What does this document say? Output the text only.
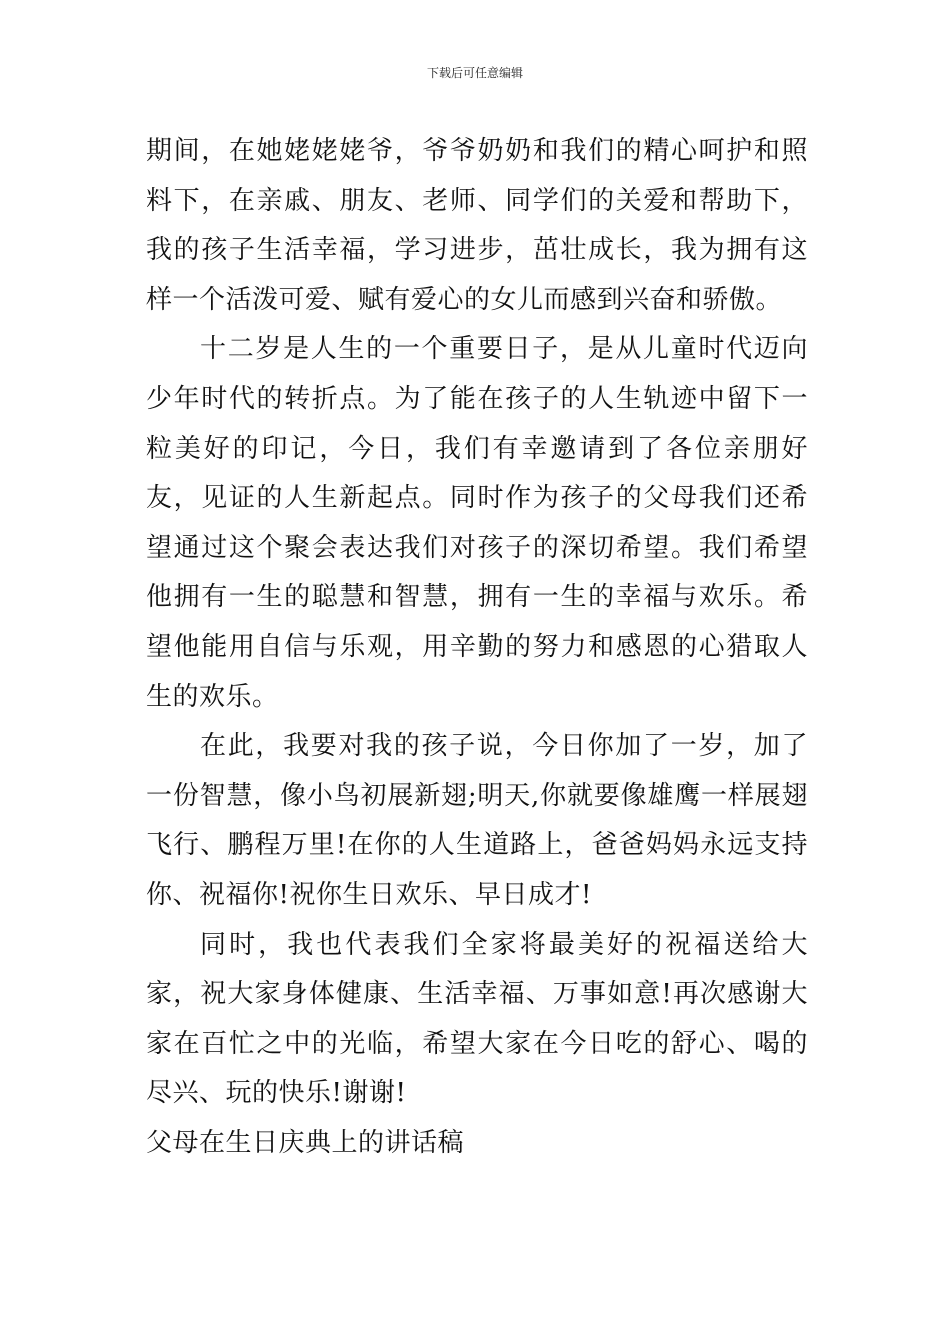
下载后可任意编辑

期间，在她姥姥姥爷，爷爷奶奶和我们的精心呵护和照料下，在亲戚、朋友、老师、同学们的关爱和帮助下，我的孩子生活幸福，学习进步，茁壮成长，我为拥有这样一个活泼可爱、赋有爱心的女儿而感到兴奋和骄傲。

十二岁是人生的一个重要日子，是从儿童时代迈向少年时代的转折点。为了能在孩子的人生轨迹中留下一粒美好的印记，今日，我们有幸邀请到了各位亲朋好友，见证的人生新起点。同时作为孩子的父母我们还希望通过这个聚会表达我们对孩子的深切希望。我们希望他拥有一生的聪慧和智慧，拥有一生的幸福与欢乐。希望他能用自信与乐观，用辛勤的努力和感恩的心猎取人生的欢乐。

在此，我要对我的孩子说，今日你加了一岁，加了一份智慧，像小鸟初展新翅;明天,你就要像雄鹰一样展翅飞行、鹏程万里!在你的人生道路上，爸爸妈妈永远支持你、祝福你!祝你生日欢乐、早日成才!

同时，我也代表我们全家将最美好的祝福送给大家，祝大家身体健康、生活幸福、万事如意!再次感谢大家在百忙之中的光临，希望大家在今日吃的舒心、喝的尽兴、玩的快乐!谢谢!

父母在生日庆典上的讲话稿
